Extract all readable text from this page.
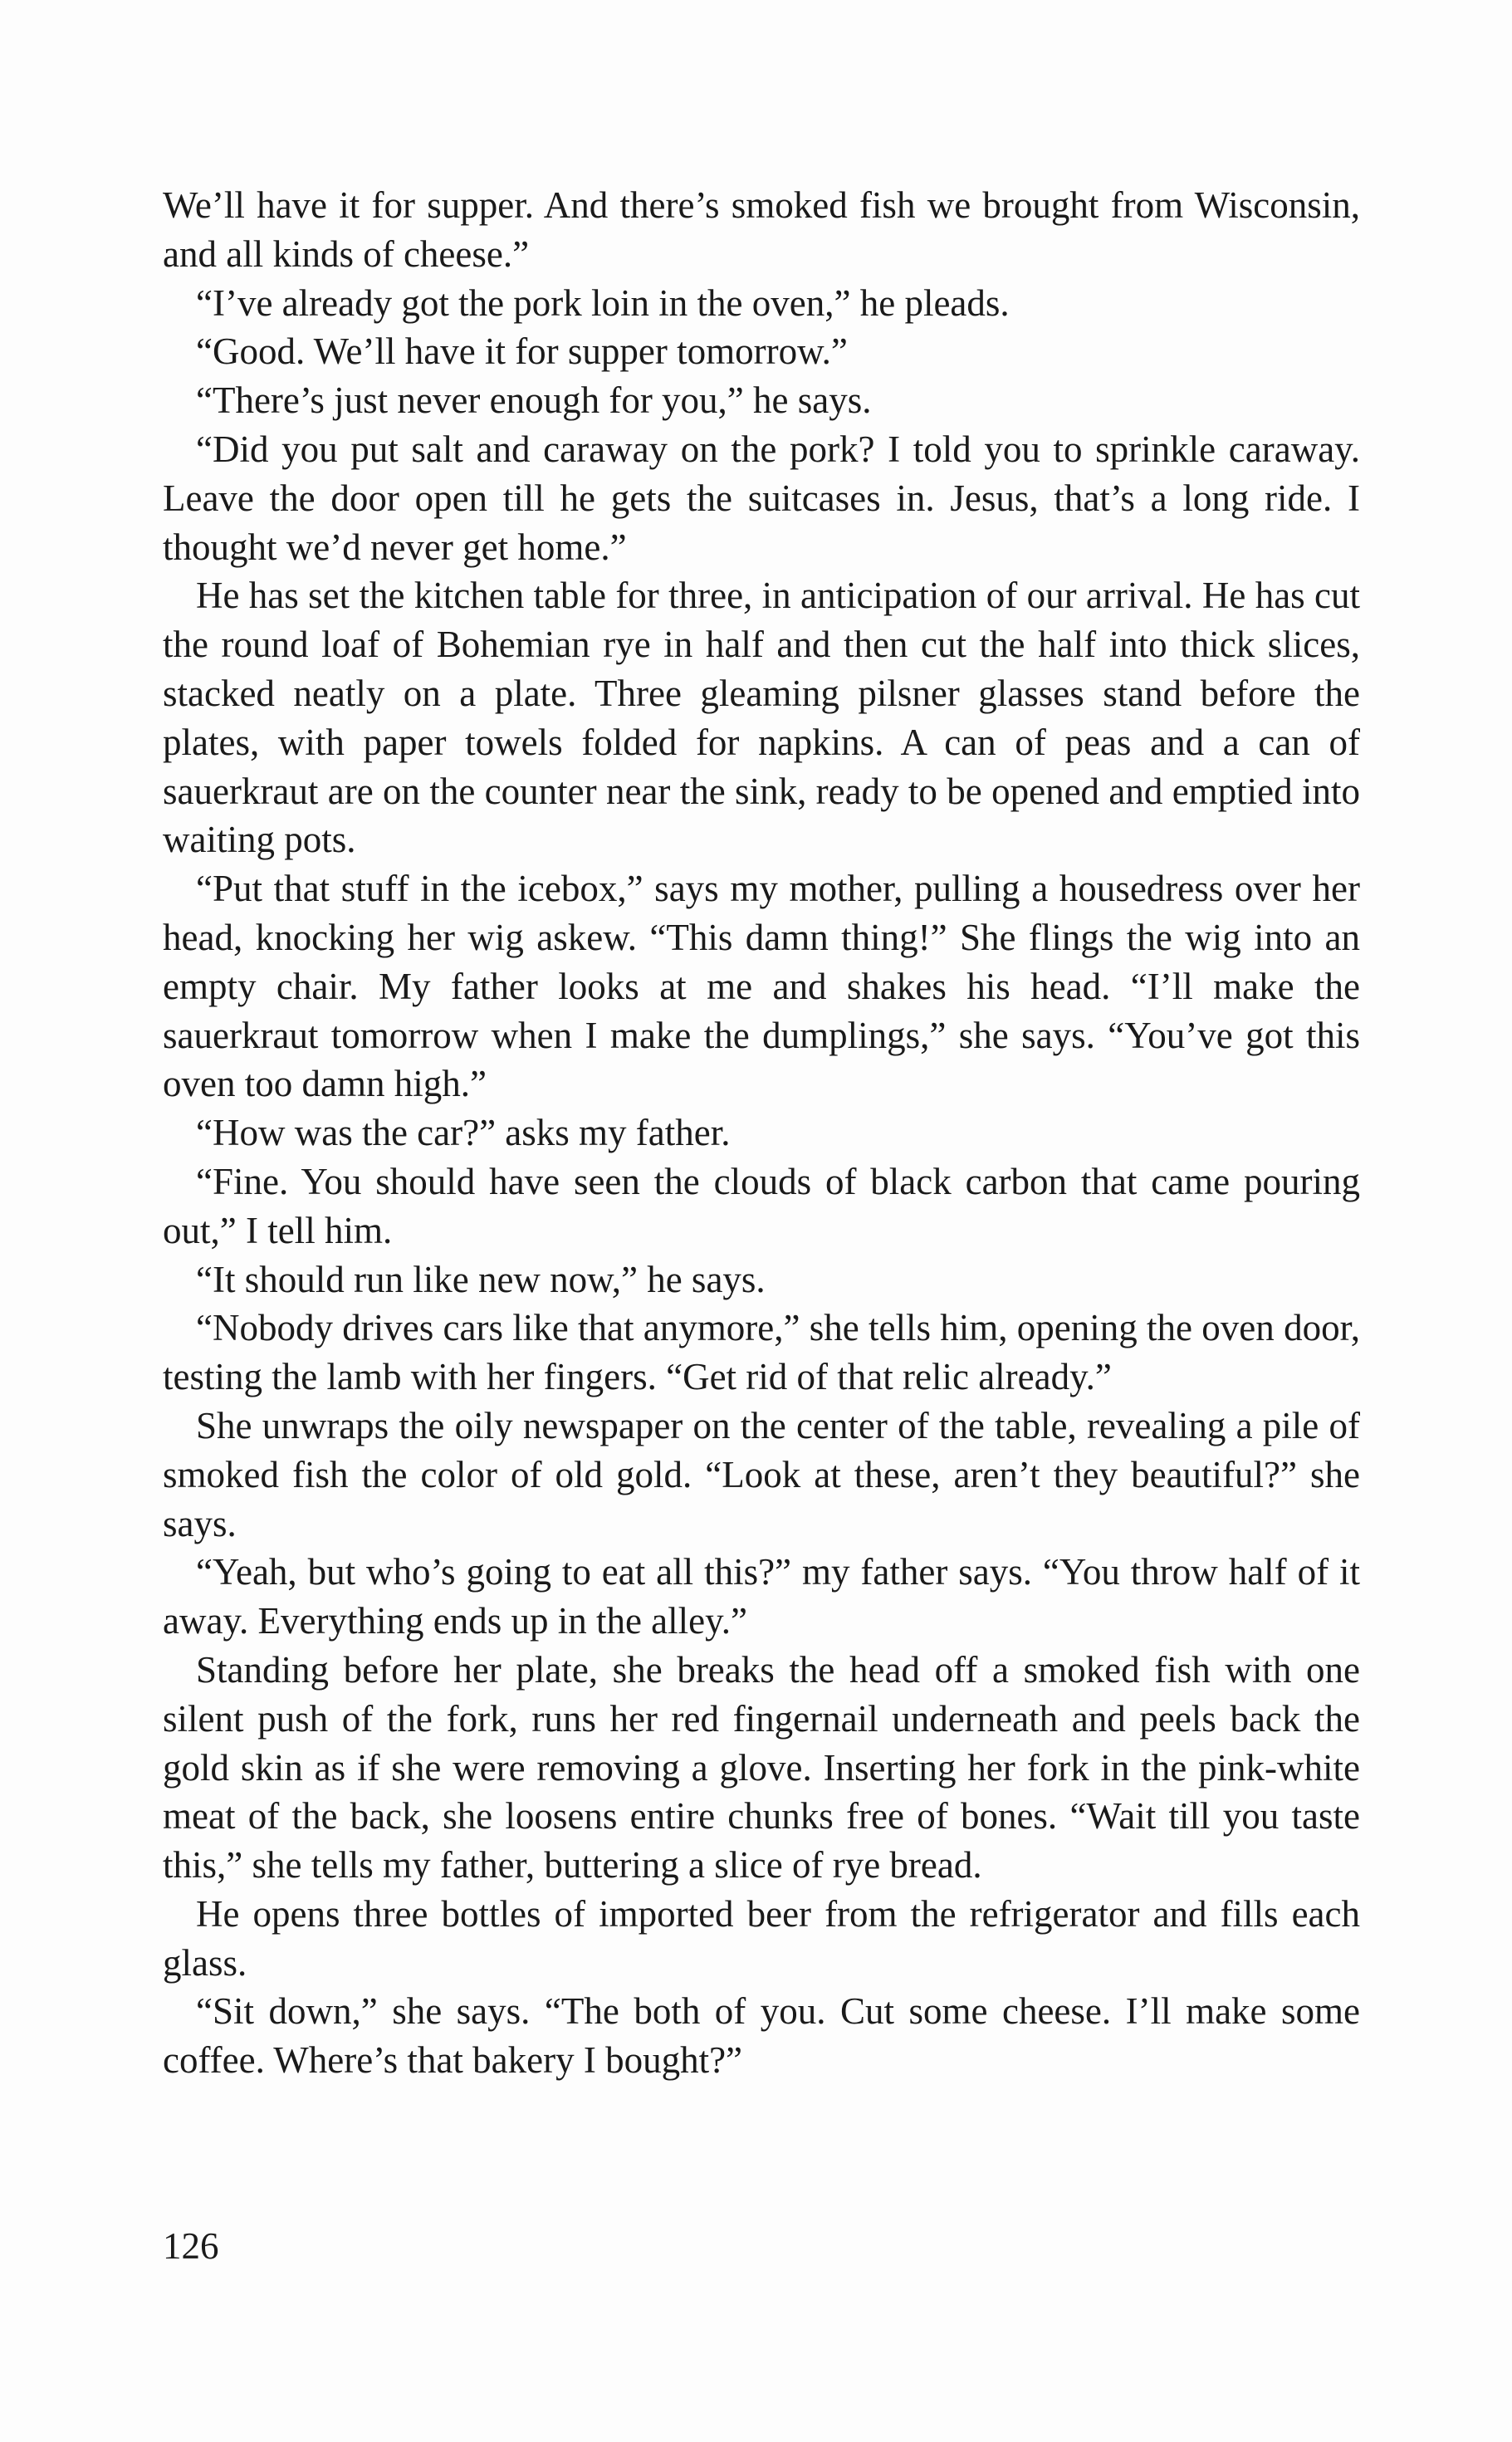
We’ll have it for supper. And there’s smoked fish we brought from Wisconsin, and all kinds of cheese.”

“I’ve already got the pork loin in the oven,” he pleads.

“Good. We’ll have it for supper tomorrow.”

“There’s just never enough for you,” he says.

“Did you put salt and caraway on the pork? I told you to sprinkle caraway. Leave the door open till he gets the suitcases in. Jesus, that’s a long ride. I thought we’d never get home.”

He has set the kitchen table for three, in anticipation of our arrival. He has cut the round loaf of Bohemian rye in half and then cut the half into thick slices, stacked neatly on a plate. Three gleaming pilsner glasses stand before the plates, with paper towels folded for napkins. A can of peas and a can of sauerkraut are on the counter near the sink, ready to be opened and emptied into waiting pots.

“Put that stuff in the icebox,” says my mother, pulling a housedress over her head, knocking her wig askew. “This damn thing!” She flings the wig into an empty chair. My father looks at me and shakes his head. “I’ll make the sauerkraut tomorrow when I make the dumplings,” she says. “You’ve got this oven too damn high.”

“How was the car?” asks my father.

“Fine. You should have seen the clouds of black carbon that came pouring out,” I tell him.

“It should run like new now,” he says.

“Nobody drives cars like that anymore,” she tells him, opening the oven door, testing the lamb with her fingers. “Get rid of that relic already.”

She unwraps the oily newspaper on the center of the table, revealing a pile of smoked fish the color of old gold. “Look at these, aren’t they beautiful?” she says.

“Yeah, but who’s going to eat all this?” my father says. “You throw half of it away. Everything ends up in the alley.”

Standing before her plate, she breaks the head off a smoked fish with one silent push of the fork, runs her red fingernail underneath and peels back the gold skin as if she were removing a glove. Inserting her fork in the pink-white meat of the back, she loosens entire chunks free of bones. “Wait till you taste this,” she tells my father, buttering a slice of rye bread.

He opens three bottles of imported beer from the refrigerator and fills each glass.

“Sit down,” she says. “The both of you. Cut some cheese. I’ll make some coffee. Where’s that bakery I bought?”

126
